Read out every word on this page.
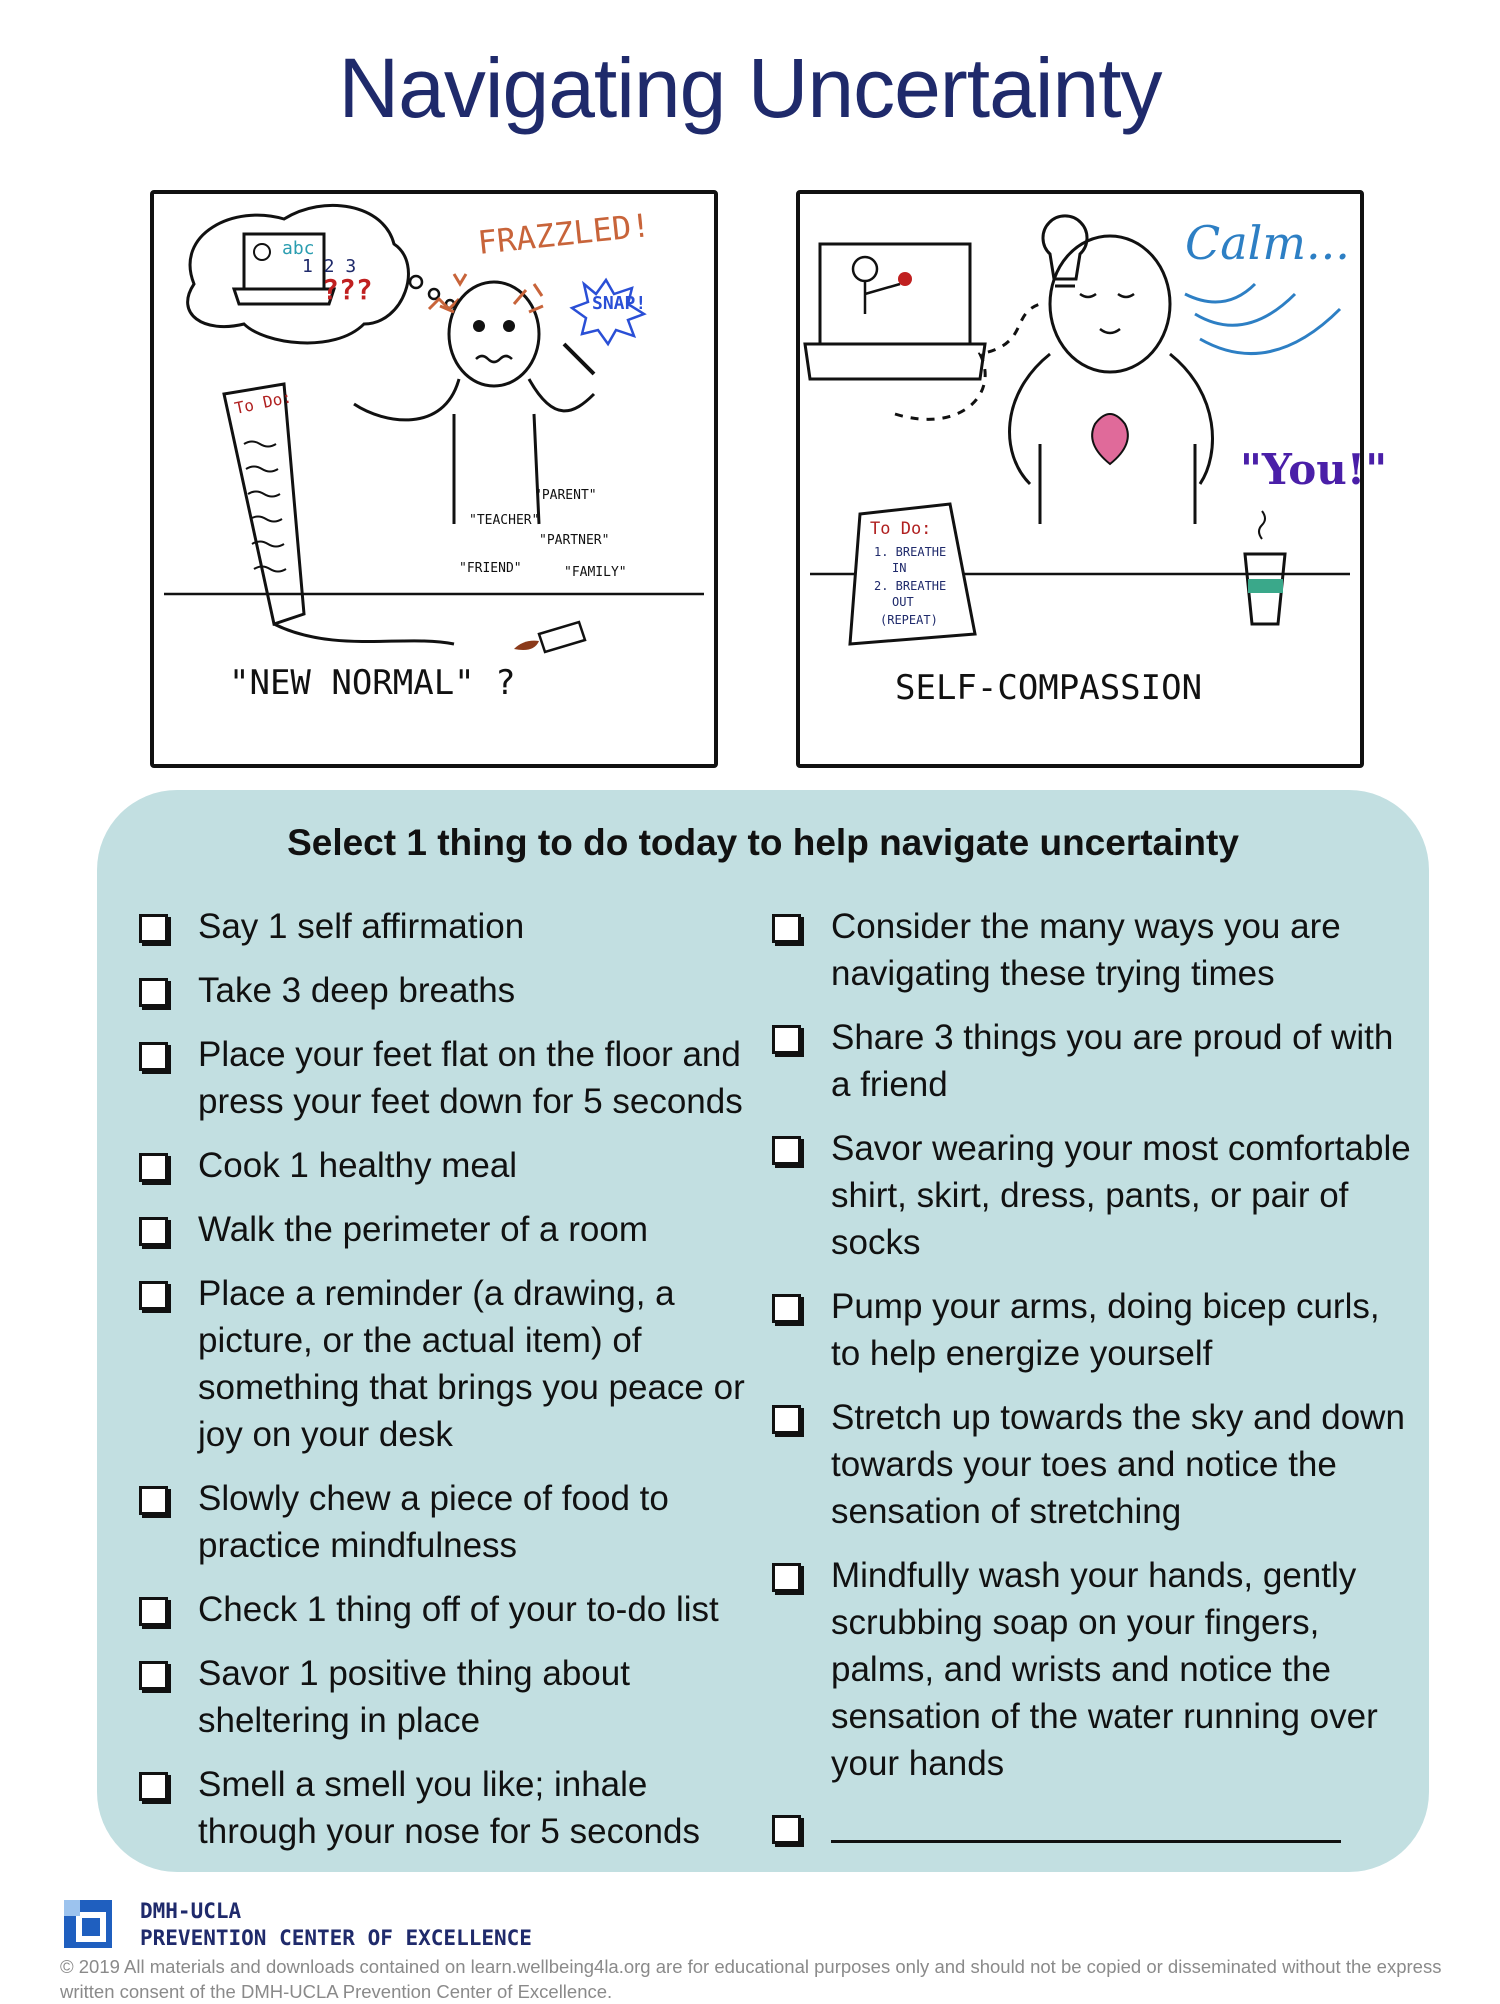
Navigating Uncertainty
abc
1 2 3
???
FRAZZLED!
SNAP!
To Do:
"PARENT"
"TEACHER"
"PARTNER"
"FRIEND"	"FAMILY"
"NEW NORMAL" ?
Calm...
"You!"
To Do:
1. BREATHE
IN
2. BREATHE
OUT
(REPEAT)
SELF-COMPASSION
Select 1 thing to do today to help navigate uncertainty
Say 1 self affirmation
Take 3 deep breaths
Place your feet flat on the floor and press your feet down for 5 seconds
Cook 1 healthy meal
Walk the perimeter of a room
Place a reminder (a drawing, a picture, or the actual item) of something that brings you peace or joy on your desk
Slowly chew a piece of food to practice mindfulness
Check 1 thing off of your to-do list
Savor 1 positive thing about sheltering in place
Smell a smell you like; inhale through your nose for 5 seconds
Consider the many ways you are navigating these trying times
Share 3 things you are proud of with a friend
Savor wearing your most comfortable shirt, skirt, dress, pants, or pair of socks
Pump your arms, doing bicep curls, to help energize yourself
Stretch up towards the sky and down towards your toes and notice the sensation of stretching
Mindfully wash your hands, gently scrubbing soap on your fingers, palms, and wrists and notice the sensation of the water running over your hands
DMH-UCLA
PREVENTION CENTER OF EXCELLENCE
© 2019 All materials and downloads contained on learn.wellbeing4la.org are for educational purposes only and should not be copied or disseminated without the express written consent of the DMH-UCLA Prevention Center of Excellence.
